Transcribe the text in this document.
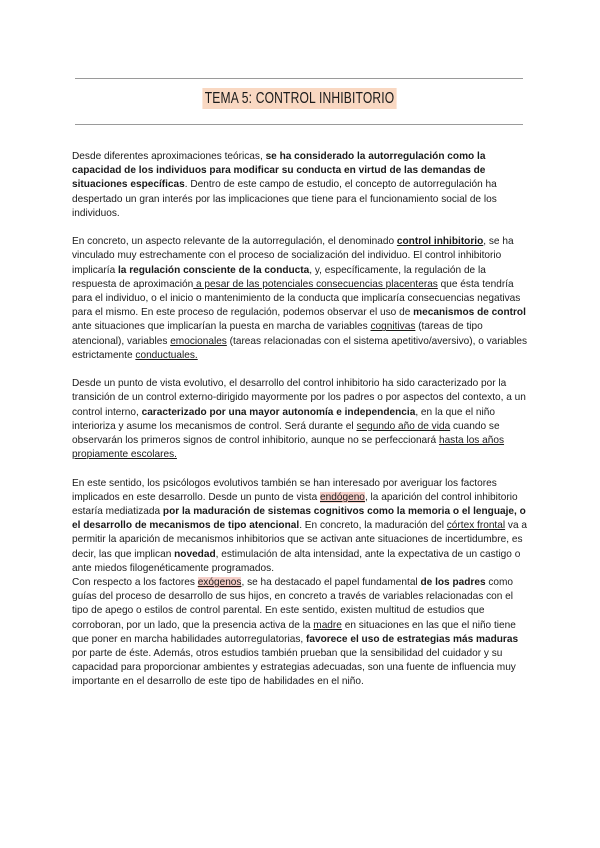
TEMA 5: CONTROL INHIBITORIO

Desde diferentes aproximaciones teóricas, se ha considerado la autorregulación como la capacidad de los individuos para modificar su conducta en virtud de las demandas de situaciones específicas. Dentro de este campo de estudio, el concepto de autorregulación ha despertado un gran interés por las implicaciones que tiene para el funcionamiento social de los individuos.

En concreto, un aspecto relevante de la autorregulación, el denominado control inhibitorio, se ha vinculado muy estrechamente con el proceso de socialización del individuo. El control inhibitorio implicaría la regulación consciente de la conducta, y, específicamente, la regulación de la respuesta de aproximación a pesar de las potenciales consecuencias placenteras que ésta tendría para el individuo, o el inicio o mantenimiento de la conducta que implicaría consecuencias negativas para el mismo. En este proceso de regulación, podemos observar el uso de mecanismos de control ante situaciones que implicarían la puesta en marcha de variables cognitivas (tareas de tipo atencional), variables emocionales (tareas relacionadas con el sistema apetitivo/aversivo), o variables estrictamente conductuales.

Desde un punto de vista evolutivo, el desarrollo del control inhibitorio ha sido caracterizado por la transición de un control externo-dirigido mayormente por los padres o por aspectos del contexto, a un control interno, caracterizado por una mayor autonomía e independencia, en la que el niño interioriza y asume los mecanismos de control. Será durante el segundo año de vida cuando se observarán los primeros signos de control inhibitorio, aunque no se perfeccionará hasta los años propiamente escolares.

En este sentido, los psicólogos evolutivos también se han interesado por averiguar los factores implicados en este desarrollo. Desde un punto de vista endógeno, la aparición del control inhibitorio estaría mediatizada por la maduración de sistemas cognitivos como la memoria o el lenguaje, o el desarrollo de mecanismos de tipo atencional. En concreto, la maduración del córtex frontal va a permitir la aparición de mecanismos inhibitorios que se activan ante situaciones de incertidumbre, es decir, las que implican novedad, estimulación de alta intensidad, ante la expectativa de un castigo o ante miedos filogenéticamente programados.

Con respecto a los factores exógenos, se ha destacado el papel fundamental de los padres como guías del proceso de desarrollo de sus hijos, en concreto a través de variables relacionadas con el tipo de apego o estilos de control parental. En este sentido, existen multitud de estudios que corroboran, por un lado, que la presencia activa de la madre en situaciones en las que el niño tiene que poner en marcha habilidades autorregulatorias, favorece el uso de estrategias más maduras por parte de éste. Además, otros estudios también prueban que la sensibilidad del cuidador y su capacidad para proporcionar ambientes y estrategias adecuadas, son una fuente de influencia muy importante en el desarrollo de este tipo de habilidades en el niño.
